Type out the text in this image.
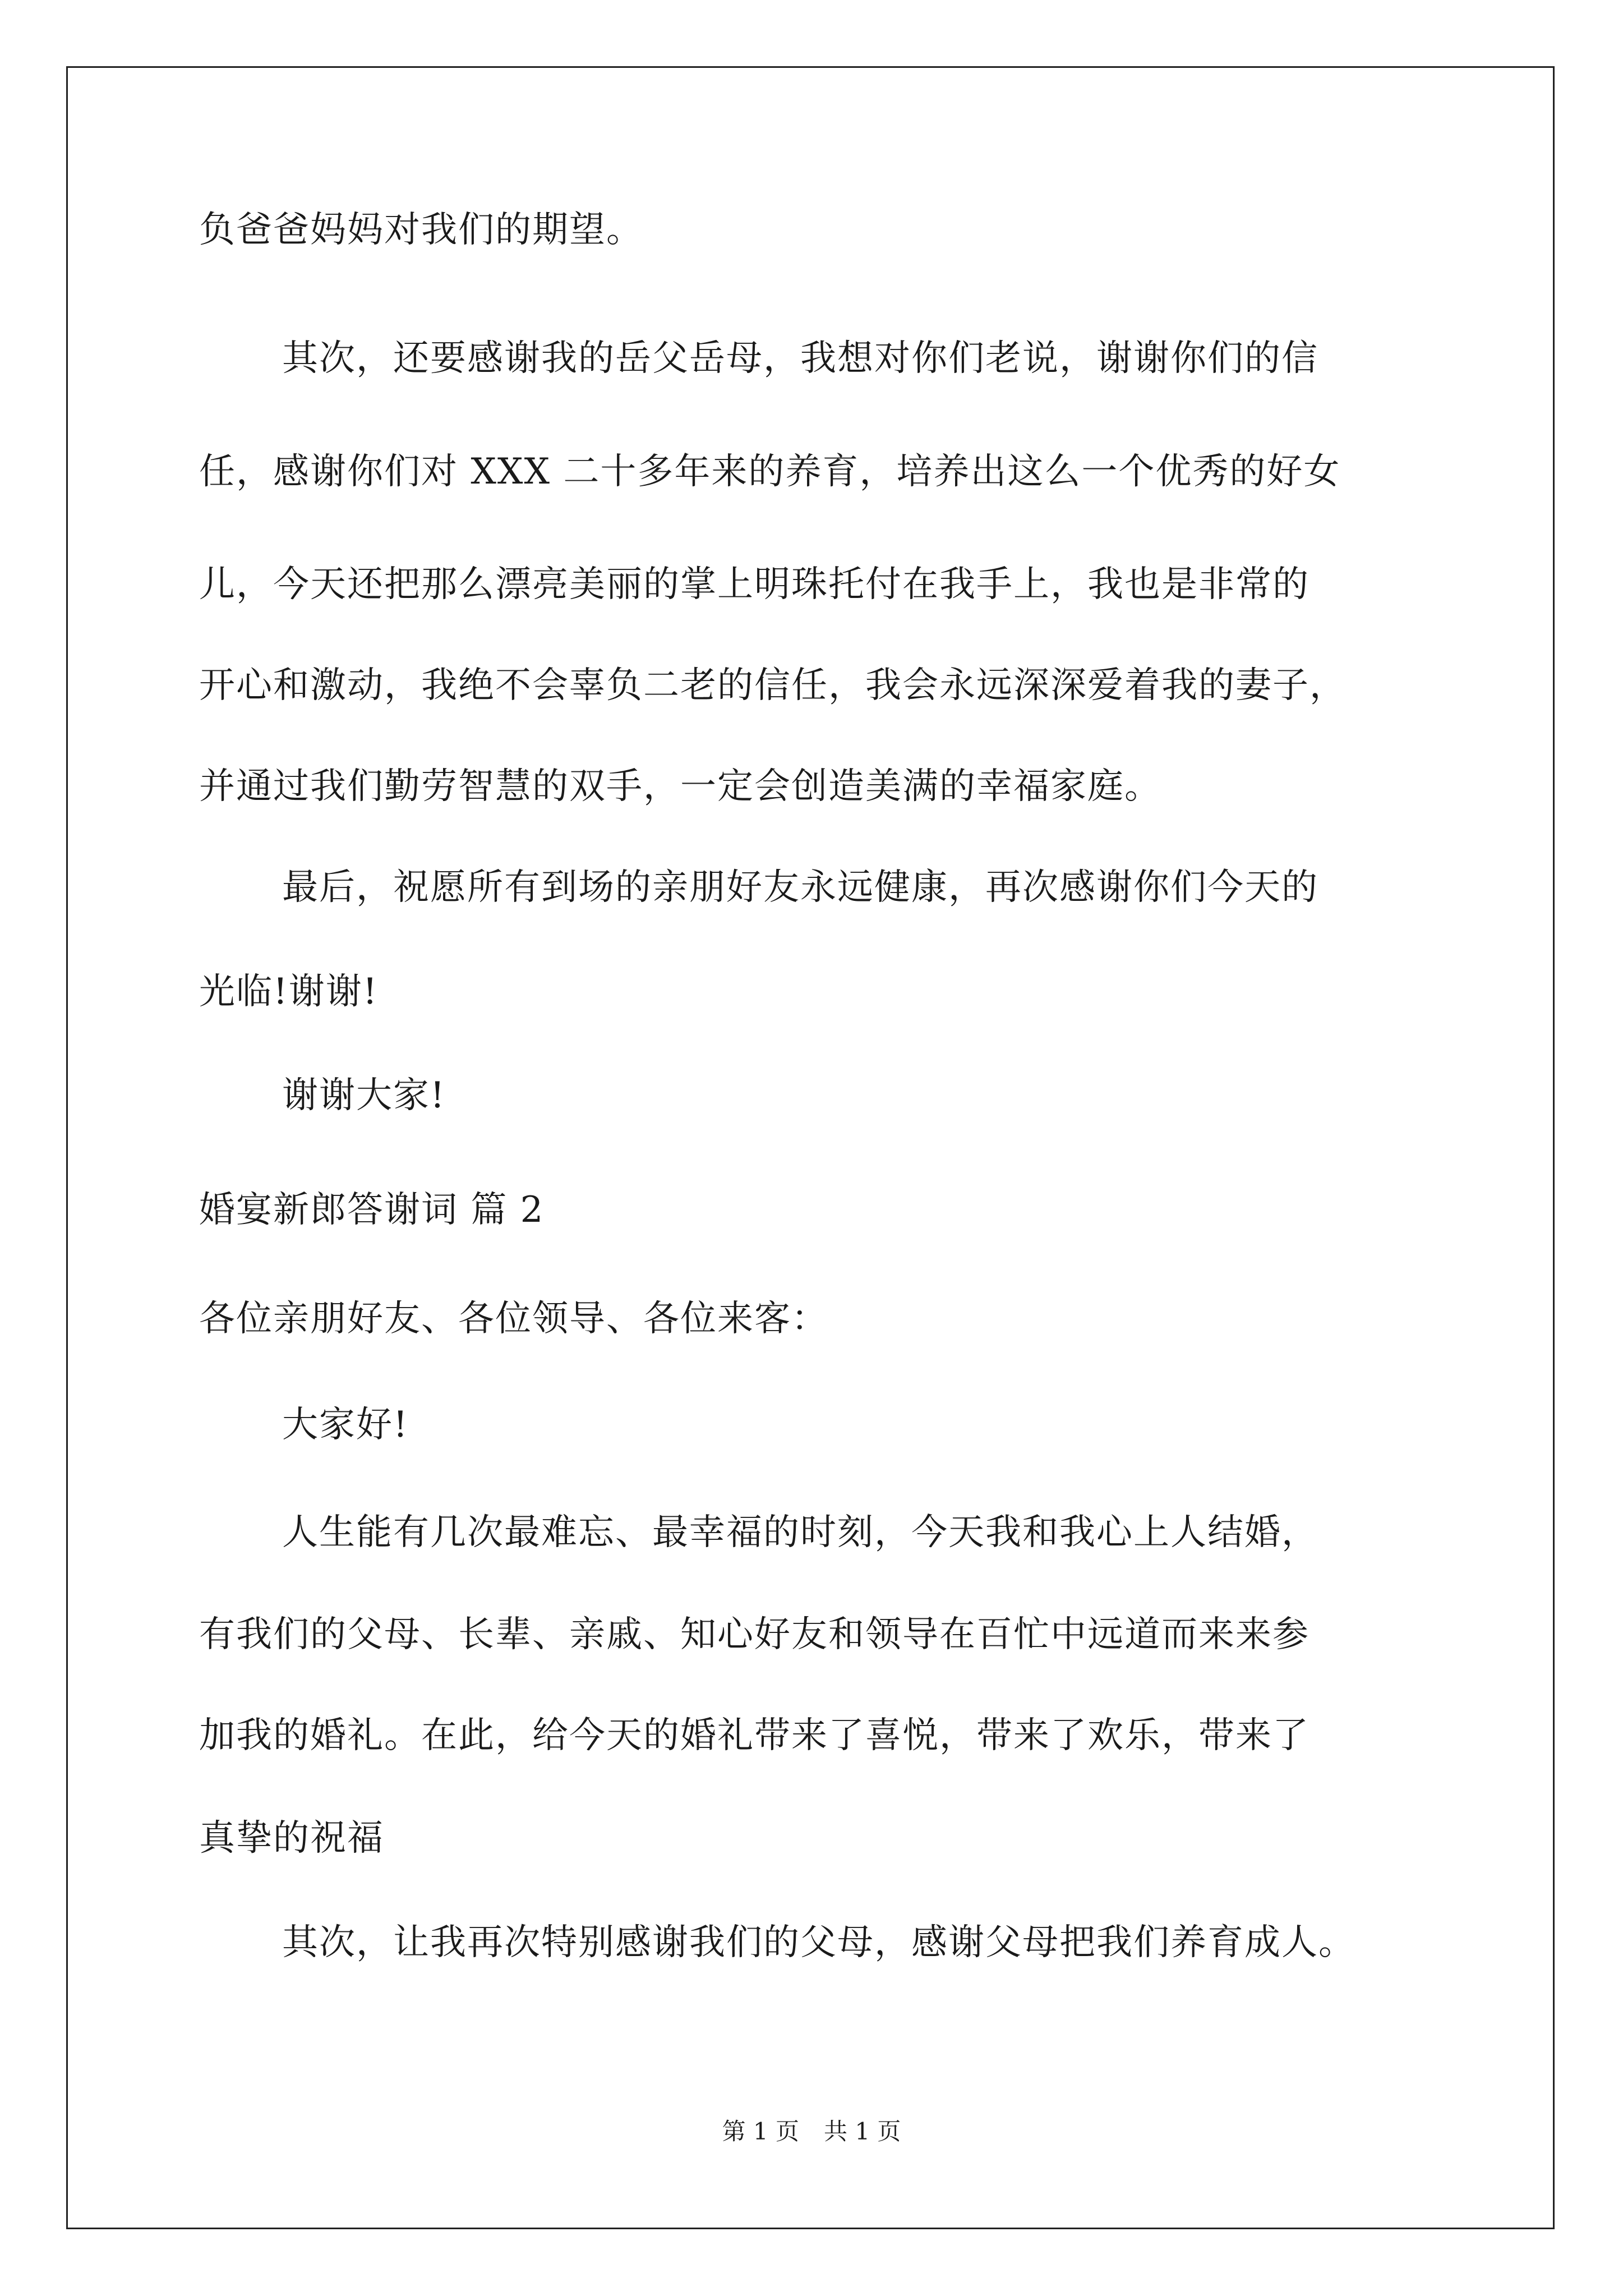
负爸爸妈妈对我们的期望。
其次，还要感谢我的岳父岳母，我想对你们老说，谢谢你们的信
任，感谢你们对 XXX 二十多年来的养育，培养出这么一个优秀的好女
儿，今天还把那么漂亮美丽的掌上明珠托付在我手上，我也是非常的
开心和激动，我绝不会辜负二老的信任，我会永远深深爱着我的妻子，
并通过我们勤劳智慧的双手，一定会创造美满的幸福家庭。
最后，祝愿所有到场的亲朋好友永远健康，再次感谢你们今天的
光临!谢谢!
谢谢大家!
婚宴新郎答谢词 篇 2
各位亲朋好友、各位领导、各位来客：
大家好!
人生能有几次最难忘、最幸福的时刻，今天我和我心上人结婚，
有我们的父母、长辈、亲戚、知心好友和领导在百忙中远道而来来参
加我的婚礼。在此，给今天的婚礼带来了喜悦，带来了欢乐，带来了
真挚的祝福
其次，让我再次特别感谢我们的父母，感谢父母把我们养育成人。
第 1 页 共 1 页
